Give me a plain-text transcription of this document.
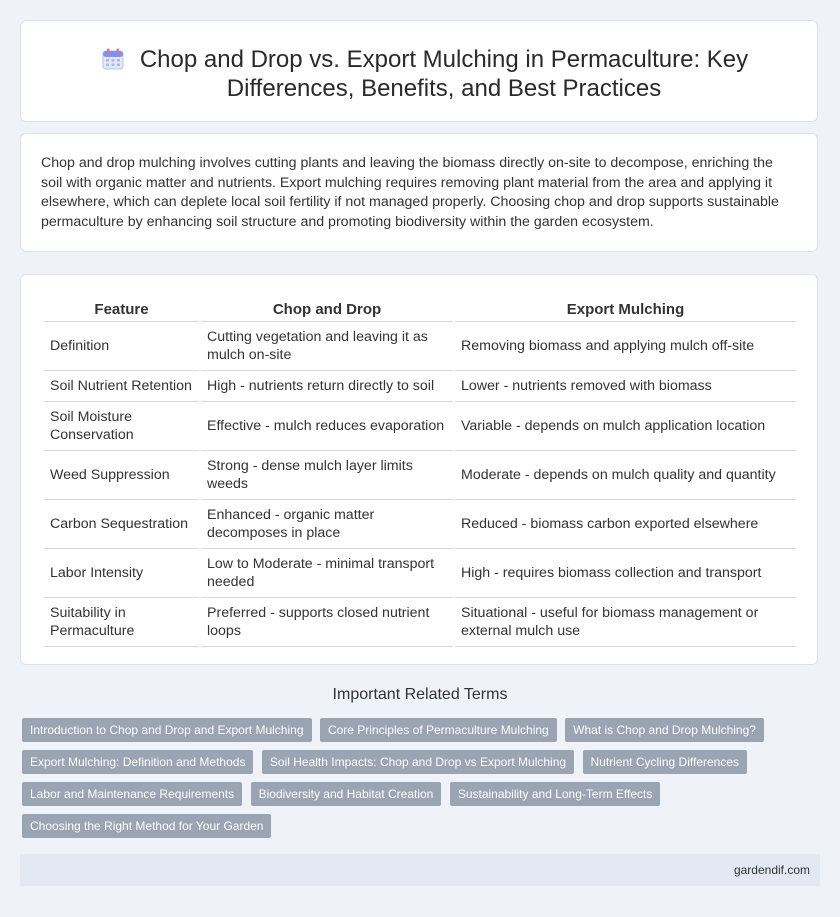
Chop and Drop vs. Export Mulching in Permaculture: Key Differences, Benefits, and Best Practices

Chop and drop mulching involves cutting plants and leaving the biomass directly on-site to decompose, enriching the soil with organic matter and nutrients. Export mulching requires removing plant material from the area and applying it elsewhere, which can deplete local soil fertility if not managed properly. Choosing chop and drop supports sustainable permaculture by enhancing soil structure and promoting biodiversity within the garden ecosystem.

Feature	Chop and Drop	Export Mulching
Definition	Cutting vegetation and leaving it as mulch on-site	Removing biomass and applying mulch off-site
Soil Nutrient Retention	High - nutrients return directly to soil	Lower - nutrients removed with biomass
Soil Moisture Conservation	Effective - mulch reduces evaporation	Variable - depends on mulch application location
Weed Suppression	Strong - dense mulch layer limits weeds	Moderate - depends on mulch quality and quantity
Carbon Sequestration	Enhanced - organic matter decomposes in place	Reduced - biomass carbon exported elsewhere
Labor Intensity	Low to Moderate - minimal transport needed	High - requires biomass collection and transport
Suitability in Permaculture	Preferred - supports closed nutrient loops	Situational - useful for biomass management or external mulch use
Important Related Terms
Introduction to Chop and Drop and Export Mulching Core Principles of Permaculture Mulching What is Chop and Drop Mulching? Export Mulching: Definition and Methods Soil Health Impacts: Chop and Drop vs Export Mulching Nutrient Cycling Differences Labor and Maintenance Requirements Biodiversity and Habitat Creation Sustainability and Long-Term Effects Choosing the Right Method for Your Garden
gardendif.com
